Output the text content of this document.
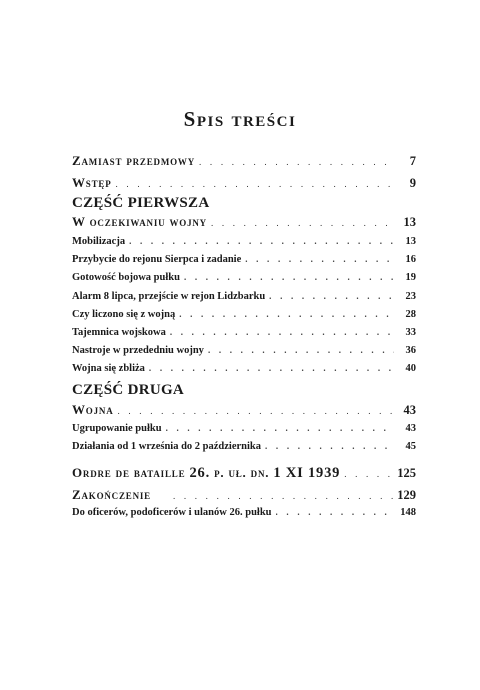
Spis treści
Zamiast przedmowy . . .	7
Wstęp . . .	9
CZĘŚĆ PIERWSZA
W oczekiwaniu wojny . . .	13
Mobilizacja . . .	13
Przybycie do rejonu Sierpca i zadanie . . .	16
Gotowość bojowa pułku . . .	19
Alarm 8 lipca, przejście w rejon Lidzbarku . . .	23
Czy liczono się z wojną . . .	28
Tajemnica wojskowa . . .	33
Nastroje w przededniu wojny . . .	36
Wojna się zbliża . . .	40
CZĘŚĆ DRUGA
Wojna . . .	43
Ugrupowanie pułku . . .	43
Działania od 1 września do 2 października . . .	45
Ordre de bataille 26. p. uł. dn. 1 XI 1939 . . .	125
Zakończenie . . .	129
Do oficerów, podoficerów i ulanów 26. pułku . . .	148
